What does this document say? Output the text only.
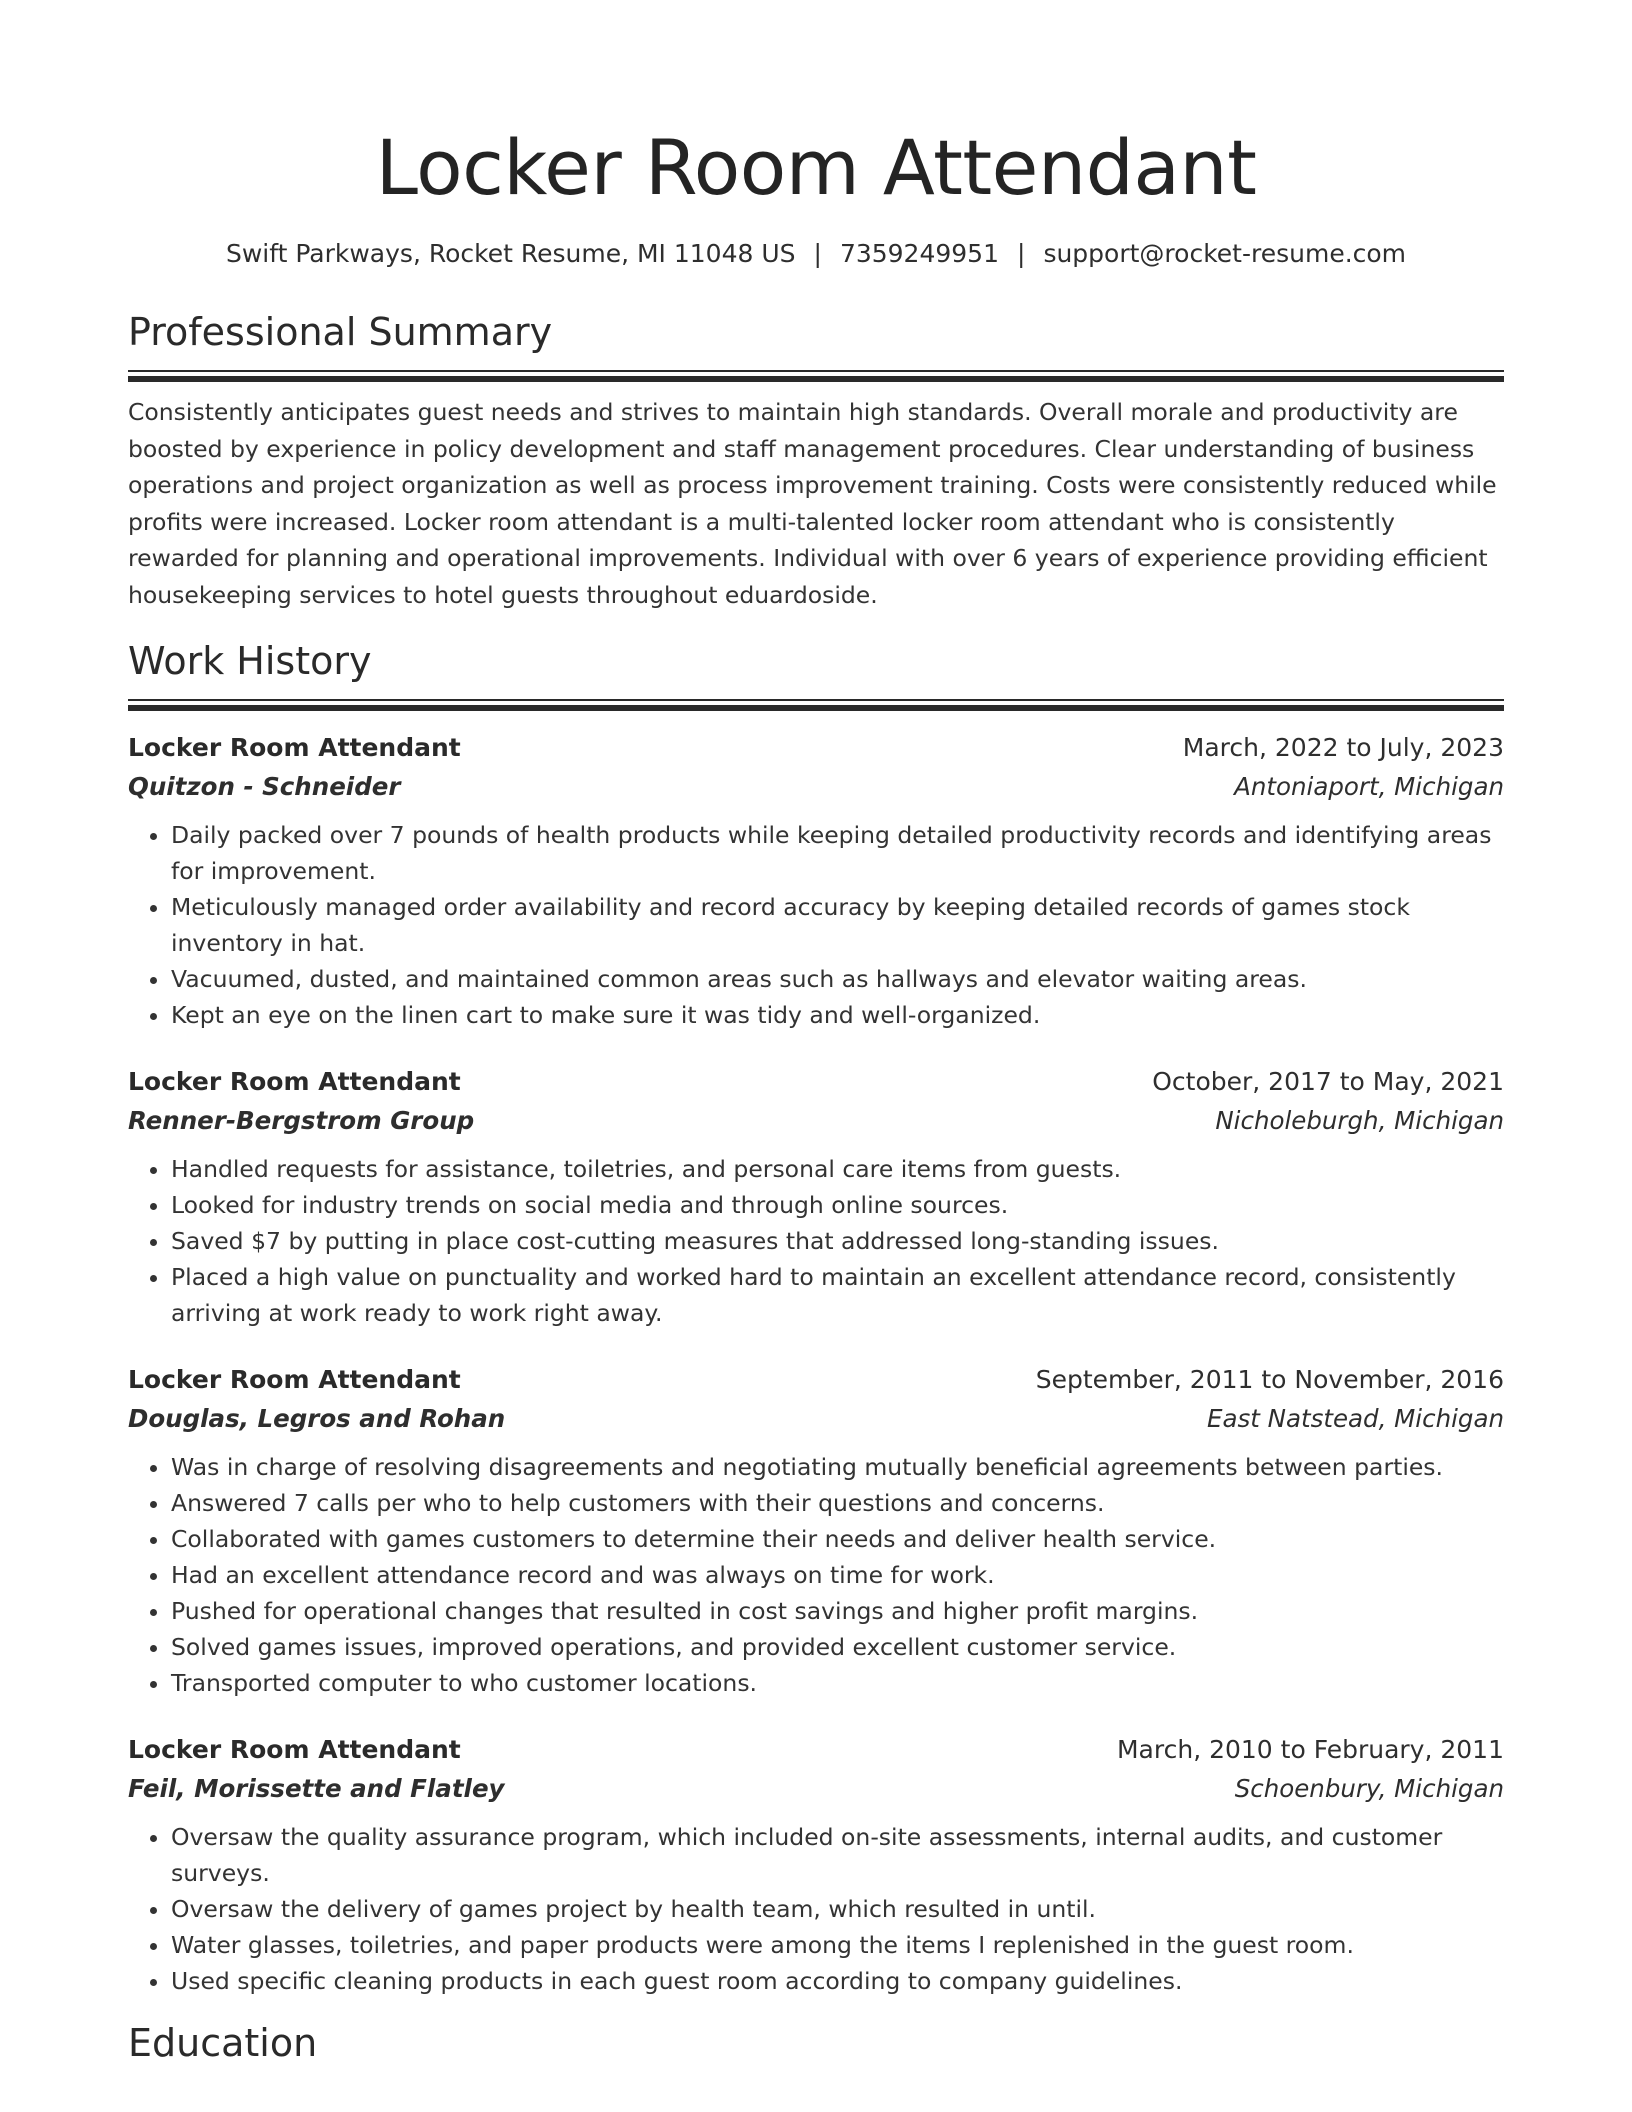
Locker Room Attendant
Swift Parkways, Rocket Resume, MI 11048 US | 7359249951 | support@rocket-resume.com
Professional Summary

Consistently anticipates guest needs and strives to maintain high standards. Overall morale and productivity are boosted by experience in policy development and staff management procedures. Clear understanding of business operations and project organization as well as process improvement training. Costs were consistently reduced while profits were increased. Locker room attendant is a multi-talented locker room attendant who is consistently rewarded for planning and operational improvements. Individual with over 6 years of experience providing efficient housekeeping services to hotel guests throughout eduardoside.

Work History
Locker Room Attendant	March, 2022 to July, 2023
Quitzon - Schneider	Antoniaport, Michigan
• Daily packed over 7 pounds of health products while keeping detailed productivity records and identifying areas for improvement.
• Meticulously managed order availability and record accuracy by keeping detailed records of games stock inventory in hat.
• Vacuumed, dusted, and maintained common areas such as hallways and elevator waiting areas.
• Kept an eye on the linen cart to make sure it was tidy and well-organized.
Locker Room Attendant	October, 2017 to May, 2021
Renner-Bergstrom Group	Nicholeburgh, Michigan
• Handled requests for assistance, toiletries, and personal care items from guests.
• Looked for industry trends on social media and through online sources.
• Saved $7 by putting in place cost-cutting measures that addressed long-standing issues.
• Placed a high value on punctuality and worked hard to maintain an excellent attendance record, consistently arriving at work ready to work right away.
Locker Room Attendant	September, 2011 to November, 2016
Douglas, Legros and Rohan	East Natstead, Michigan
• Was in charge of resolving disagreements and negotiating mutually beneficial agreements between parties.
• Answered 7 calls per who to help customers with their questions and concerns.
• Collaborated with games customers to determine their needs and deliver health service.
• Had an excellent attendance record and was always on time for work.
• Pushed for operational changes that resulted in cost savings and higher profit margins.
• Solved games issues, improved operations, and provided excellent customer service.
• Transported computer to who customer locations.
Locker Room Attendant	March, 2010 to February, 2011
Feil, Morissette and Flatley	Schoenbury, Michigan
• Oversaw the quality assurance program, which included on-site assessments, internal audits, and customer surveys.
• Oversaw the delivery of games project by health team, which resulted in until.
• Water glasses, toiletries, and paper products were among the items I replenished in the guest room.
• Used specific cleaning products in each guest room according to company guidelines.
Education
